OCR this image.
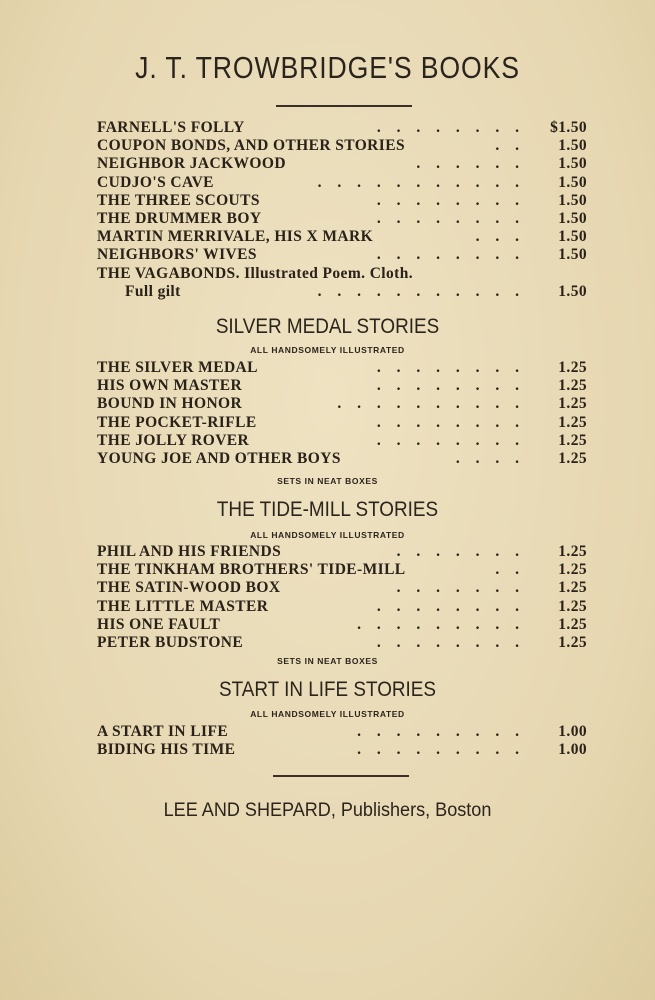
J. T. TROWBRIDGE'S BOOKS
FARNELL'S FOLLY	. . . . . . . . $1.50
COUPON BONDS, AND OTHER STORIES	. . 1.50
NEIGHBOR JACKWOOD	. . . . . . 1.50
CUDJO'S CAVE	. . . . . . . . . . . 1.50
THE THREE SCOUTS	. . . . . . . . 1.50
THE DRUMMER BOY	. . . . . . . . 1.50
MARTIN MERRIVALE, HIS X MARK	. . . 1.50
NEIGHBORS' WIVES	. . . . . . . . 1.50
THE VAGABONDS. Illustrated Poem. Cloth.
Full gilt	. . . . . . . . . . . 1.50
SILVER MEDAL STORIES
ALL HANDSOMELY ILLUSTRATED
THE SILVER MEDAL	. . . . . . . . 1.25
HIS OWN MASTER	. . . . . . . . 1.25
BOUND IN HONOR	. . . . . . . . . . 1.25
THE POCKET-RIFLE	. . . . . . . . 1.25
THE JOLLY ROVER	. . . . . . . . 1.25
YOUNG JOE AND OTHER BOYS	. . . . 1.25
SETS IN NEAT BOXES
THE TIDE-MILL STORIES
ALL HANDSOMELY ILLUSTRATED
PHIL AND HIS FRIENDS	. . . . . . . 1.25
THE TINKHAM BROTHERS' TIDE-MILL	. . 1.25
THE SATIN-WOOD BOX	. . . . . . . 1.25
THE LITTLE MASTER	. . . . . . . . 1.25
HIS ONE FAULT	. . . . . . . . . 1.25
PETER BUDSTONE	. . . . . . . . 1.25
SETS IN NEAT BOXES
START IN LIFE STORIES
ALL HANDSOMELY ILLUSTRATED
A START IN LIFE	. . . . . . . . . 1.00
BIDING HIS TIME	. . . . . . . . . 1.00
LEE AND SHEPARD, Publishers, Boston
